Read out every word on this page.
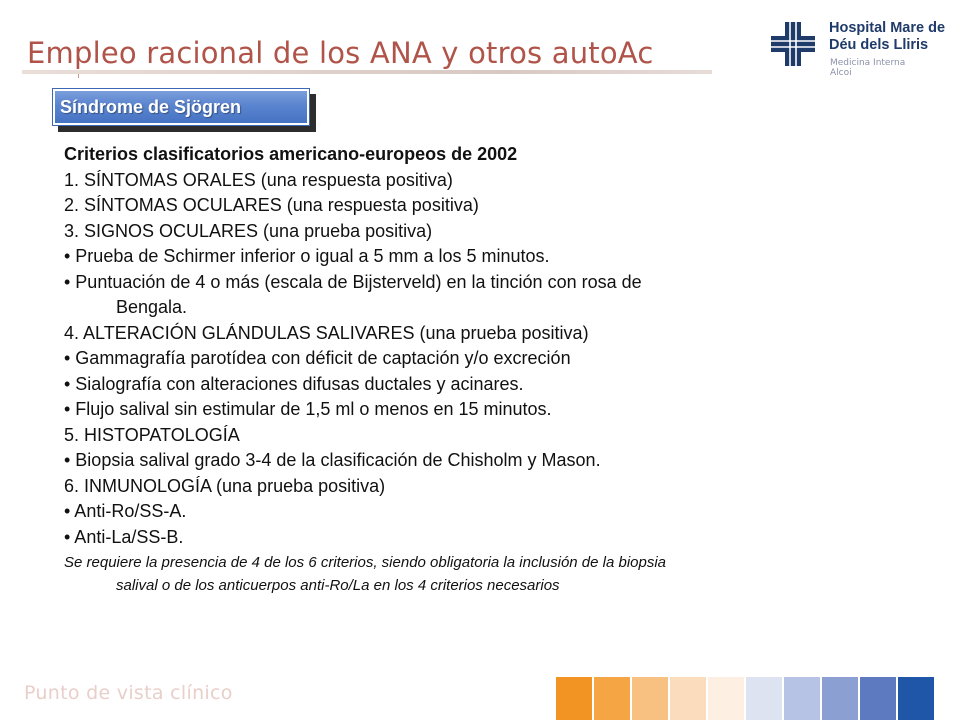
Empleo racional de los ANA y otros autoAc
Hospital Mare de
Déu dels Lliris
Medicina Interna
Alcoi
Síndrome de Sjögren
Criterios clasificatorios americano-europeos de 2002
1. SÍNTOMAS ORALES (una respuesta positiva)
2. SÍNTOMAS OCULARES (una respuesta positiva)
3. SIGNOS OCULARES (una prueba positiva)
• Prueba de Schirmer inferior o igual a 5 mm a los 5 minutos.
• Puntuación de 4 o más (escala de Bijsterveld) en la tinción con rosa de
Bengala.
4. ALTERACIÓN GLÁNDULAS SALIVARES (una prueba positiva)
• Gammagrafía parotídea con déficit de captación y/o excreción
• Sialografía con alteraciones difusas ductales y acinares.
• Flujo salival sin estimular de 1,5 ml o menos en 15 minutos.
5. HISTOPATOLOGÍA
• Biopsia salival grado 3-4 de la clasificación de Chisholm y Mason.
6. INMUNOLOGÍA (una prueba positiva)
• Anti-Ro/SS-A.
• Anti-La/SS-B.
Se requiere la presencia de 4 de los 6 criterios, siendo obligatoria la inclusión de la biopsia
salival o de los anticuerpos anti-Ro/La en los 4 criterios necesarios
Punto de vista clínico
